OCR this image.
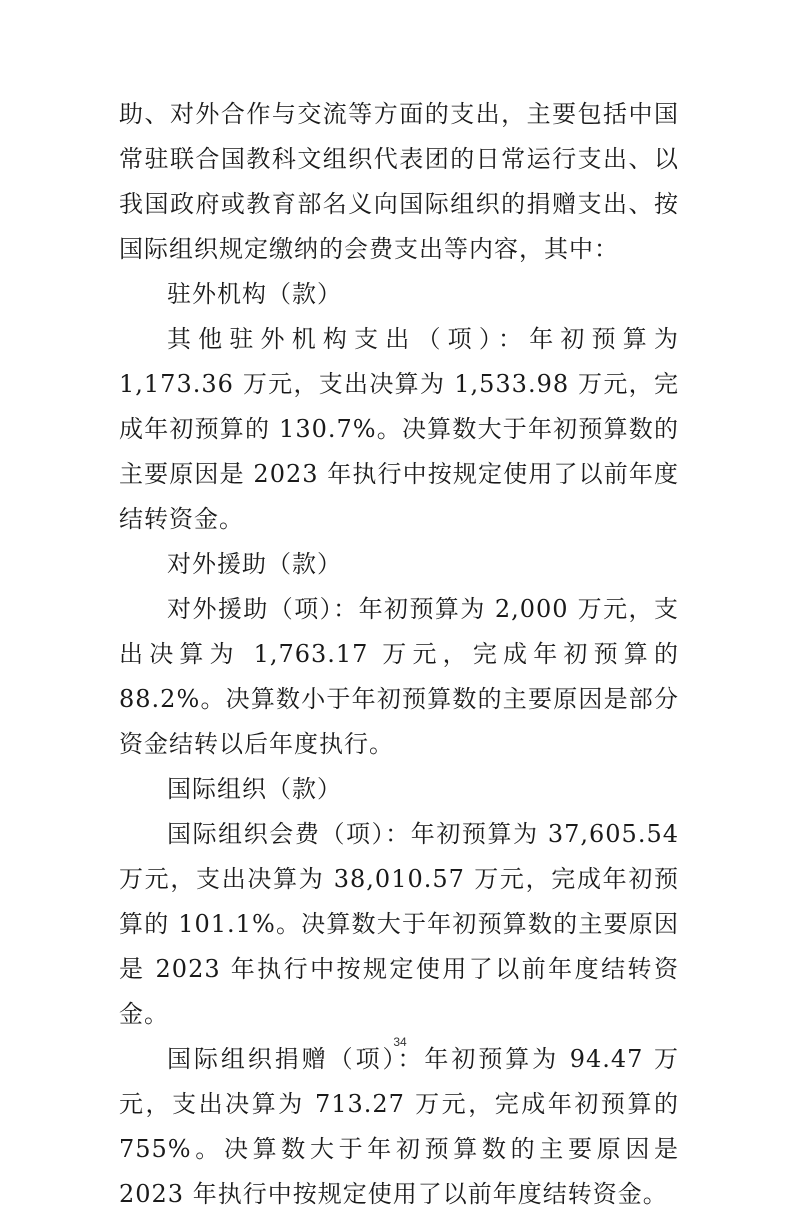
助、对外合作与交流等方面的支出，主要包括中国常驻联合国教科文组织代表团的日常运行支出、以我国政府或教育部名义向国际组织的捐赠支出、按国际组织规定缴纳的会费支出等内容，其中：

驻外机构（款）

其他驻外机构支出（项）：年初预算为 1,173.36 万元，支出决算为 1,533.98 万元，完成年初预算的 130.7%。决算数大于年初预算数的主要原因是 2023 年执行中按规定使用了以前年度结转资金。

对外援助（款）

对外援助（项）：年初预算为 2,000 万元，支出决算为 1,763.17 万元，完成年初预算的 88.2%。决算数小于年初预算数的主要原因是部分资金结转以后年度执行。

国际组织（款）

国际组织会费（项）：年初预算为 37,605.54 万元，支出决算为 38,010.57 万元，完成年初预算的 101.1%。决算数大于年初预算数的主要原因是 2023 年执行中按规定使用了以前年度结转资金。

国际组织捐赠（项）：年初预算为 94.47 万元，支出决算为 713.27 万元，完成年初预算的 755%。决算数大于年初预算数的主要原因是 2023 年执行中按规定使用了以前年度结转资金。

34
